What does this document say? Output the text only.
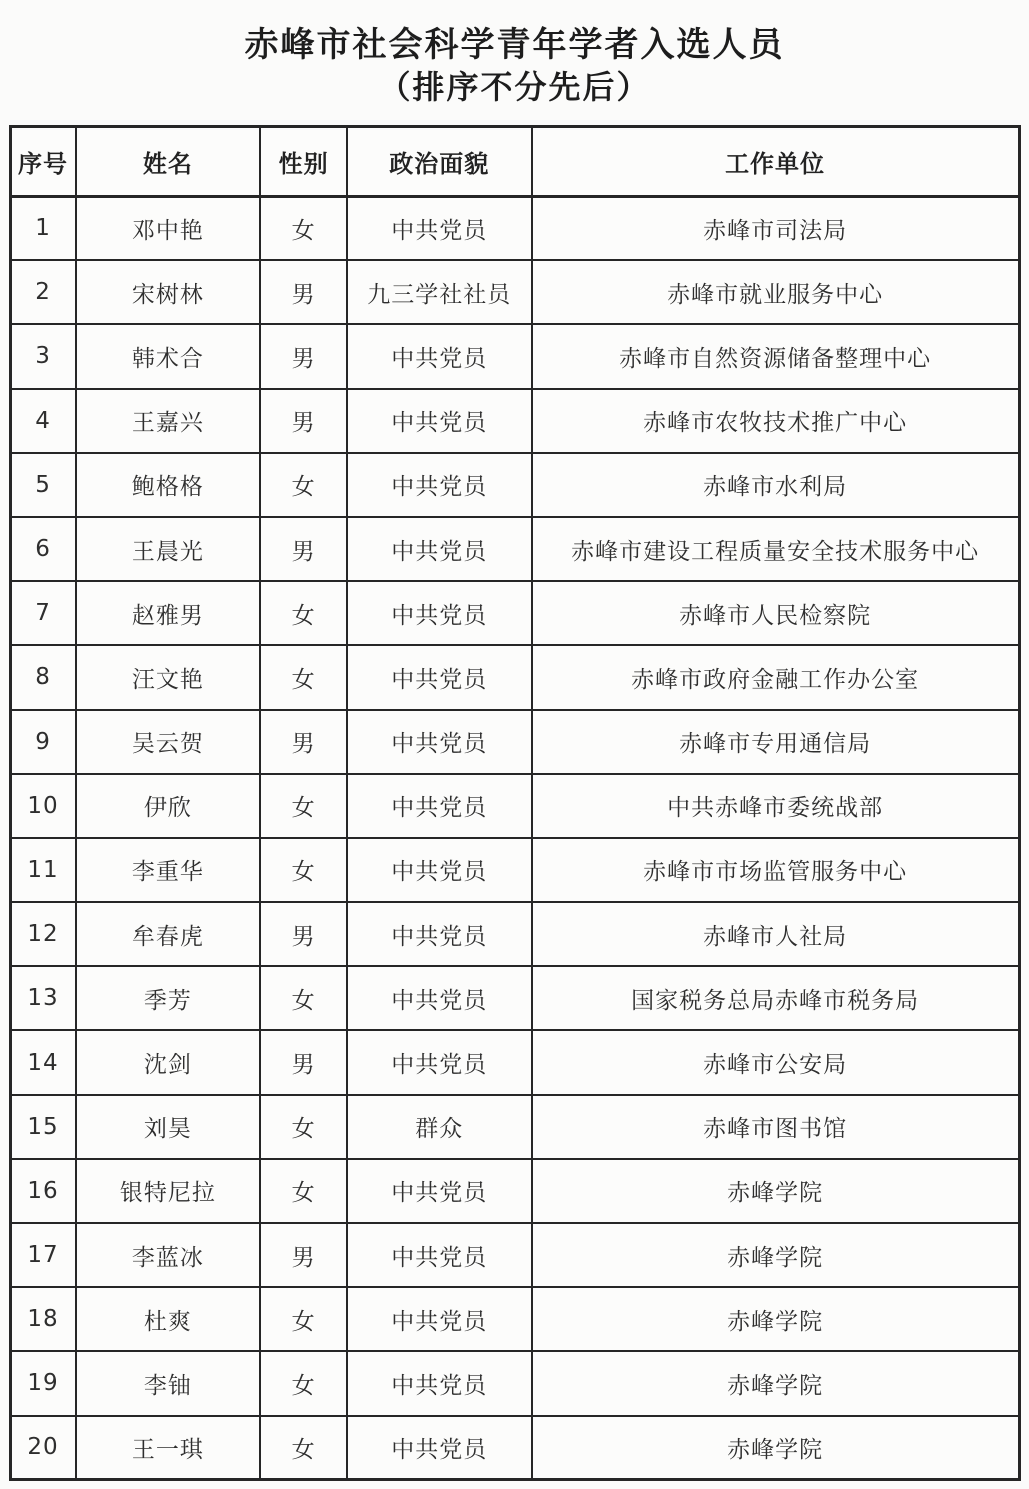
赤峰市社会科学青年学者入选人员
（排序不分先后）
序号	姓名	性别	政治面貌	工作单位
1	邓中艳	女	中共党员	赤峰市司法局
2	宋树林	男	九三学社社员	赤峰市就业服务中心
3	韩术合	男	中共党员	赤峰市自然资源储备整理中心
4	王嘉兴	男	中共党员	赤峰市农牧技术推广中心
5	鲍格格	女	中共党员	赤峰市水利局
6	王晨光	男	中共党员	赤峰市建设工程质量安全技术服务中心
7	赵雅男	女	中共党员	赤峰市人民检察院
8	汪文艳	女	中共党员	赤峰市政府金融工作办公室
9	吴云贺	男	中共党员	赤峰市专用通信局
10	伊欣	女	中共党员	中共赤峰市委统战部
11	李重华	女	中共党员	赤峰市市场监管服务中心
12	牟春虎	男	中共党员	赤峰市人社局
13	季芳	女	中共党员	国家税务总局赤峰市税务局
14	沈剑	男	中共党员	赤峰市公安局
15	刘昊	女	群众	赤峰市图书馆
16	银特尼拉	女	中共党员	赤峰学院
17	李蓝冰	男	中共党员	赤峰学院
18	杜爽	女	中共党员	赤峰学院
19	李铀	女	中共党员	赤峰学院
20	王一琪	女	中共党员	赤峰学院
